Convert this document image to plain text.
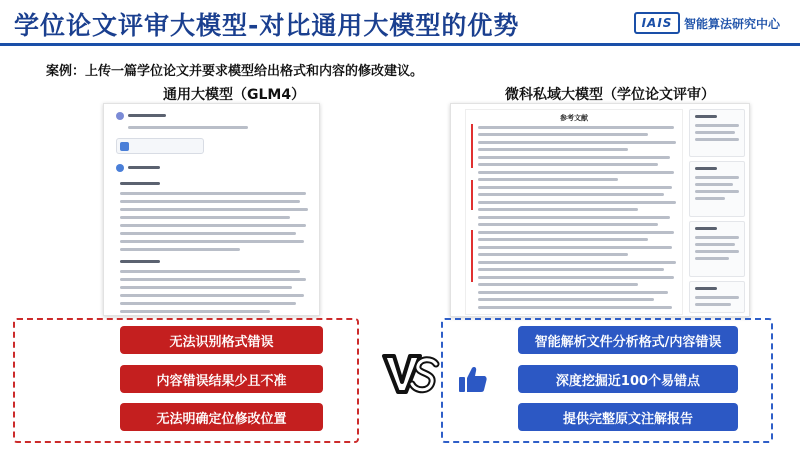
学位论文评审大模型-对比通用大模型的优势	IAIS 智能算法研究中心
案例：上传一篇学位论文并要求模型给出格式和内容的修改建议。
通用大模型（GLM4）	微科私域大模型（学位论文评审）
参考文献
无法识别格式错误
内容错误结果少且不准
无法明确定位修改位置
智能解析文件分析格式/内容错误
深度挖掘近100个易错点
提供完整原文注解报告
